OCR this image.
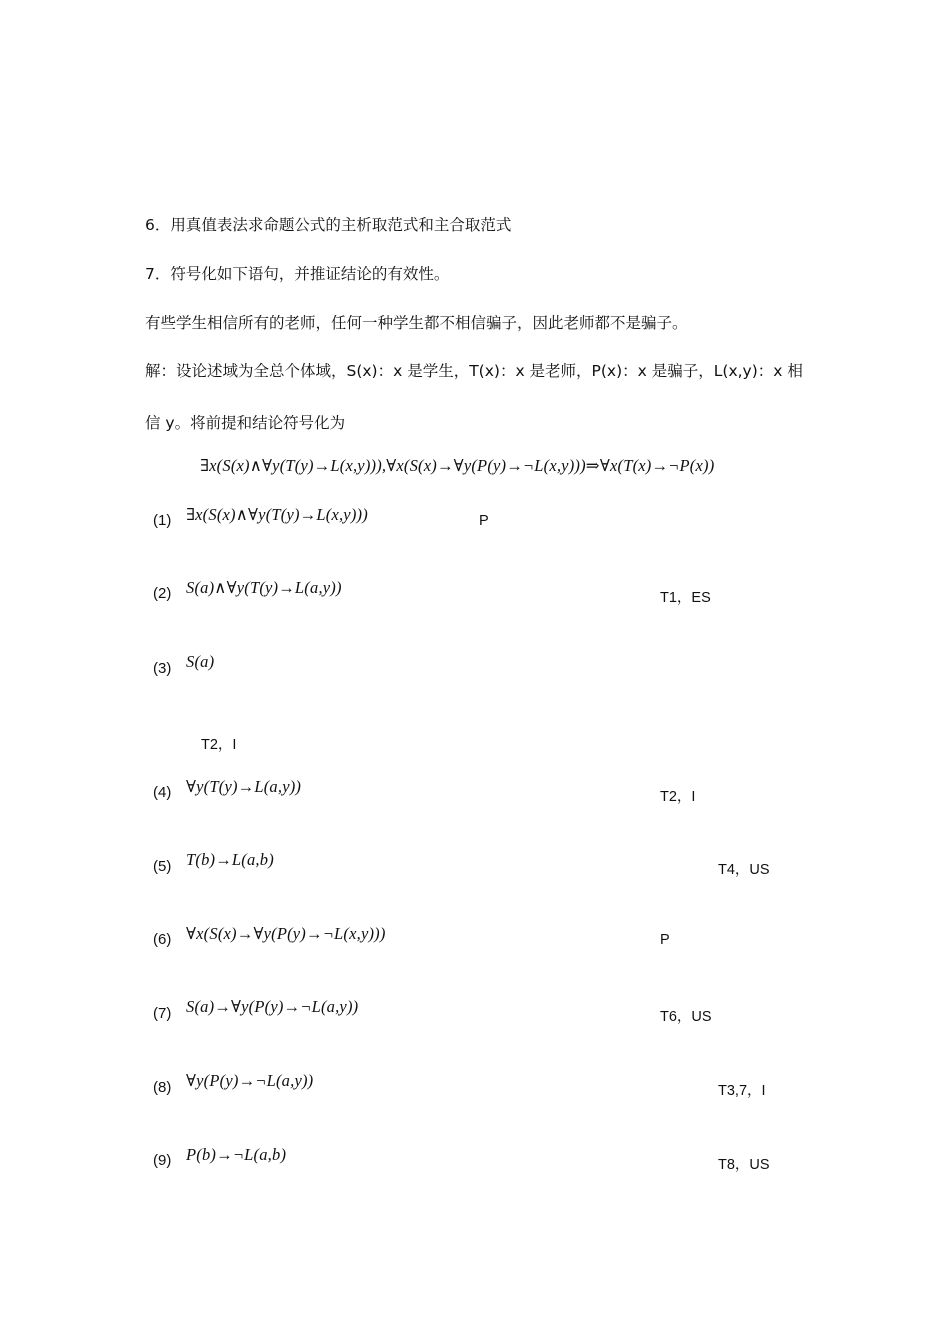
6．用真值表法求命题公式的主析取范式和主合取范式
7．符号化如下语句，并推证结论的有效性。
有些学生相信所有的老师，任何一种学生都不相信骗子，因此老师都不是骗子。
解：设论述域为全总个体域，S(x)：x 是学生，T(x)：x 是老师，P(x)：x 是骗子，L(x,y)：x 相
信 y。将前提和结论符号化为
∃x(S(x)∧∀y(T(y)→L(x,y))),∀x(S(x)→∀y(P(y)→¬L(x,y)))⇒∀x(T(x)→¬P(x))
(1) ∃x(S(x)∧∀y(T(y)→L(x,y)))	P
(2) S(a)∧∀y(T(y)→L(a,y))
T1，ES
(3) S(a)
T2，I
(4) ∀y(T(y)→L(a,y))
T2，I
(5) T(b)→L(a,b)
T4，US
(6) ∀x(S(x)→∀y(P(y)→¬L(x,y)))	P
(7) S(a)→∀y(P(y)→¬L(a,y))
T6，US
(8) ∀y(P(y)→¬L(a,y))
T3,7，I
(9) P(b)→¬L(a,b)
T8，US
